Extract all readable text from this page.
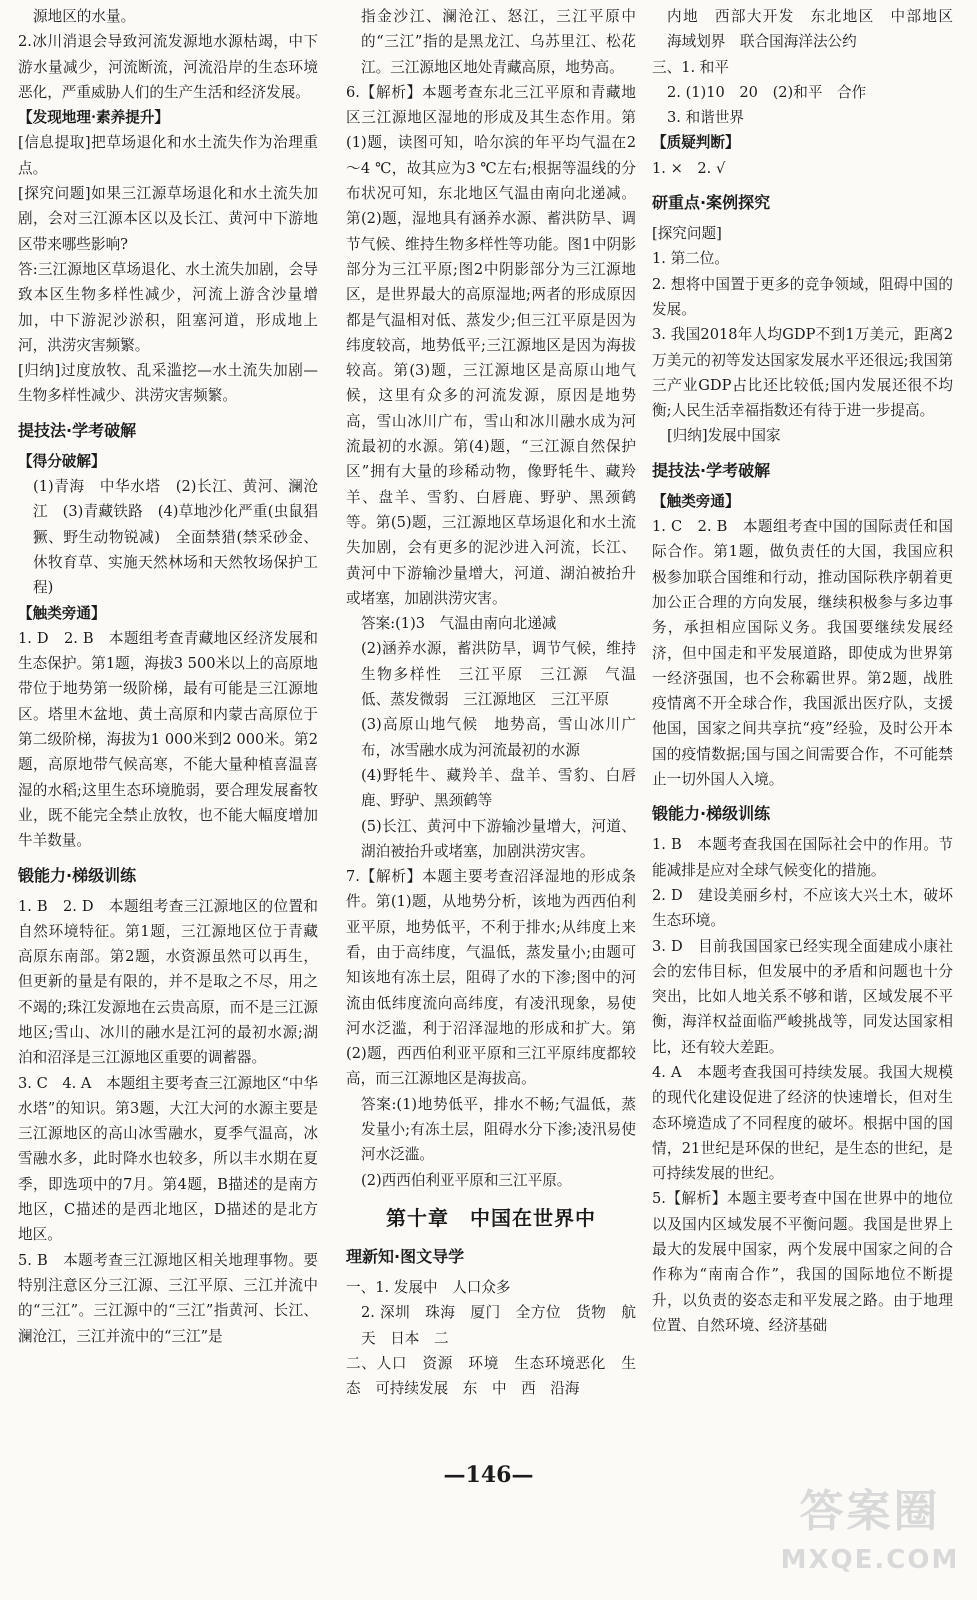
源地区的水量。
2.冰川消退会导致河流发源地水源枯竭，中下游水量减少，河流断流，河流沿岸的生态环境恶化，严重威胁人们的生产生活和经济发展。
【发现地理·素养提升】
[信息提取]把草场退化和水土流失作为治理重点。
[探究问题]如果三江源草场退化和水土流失加剧，会对三江源本区以及长江、黄河中下游地区带来哪些影响?
答:三江源地区草场退化、水土流失加剧，会导致本区生物多样性减少，河流上游含沙量增加，中下游泥沙淤积，阻塞河道，形成地上河，洪涝灾害频繁。
[归纳]过度放牧、乱采滥挖—水土流失加剧—生物多样性减少、洪涝灾害频繁。
提技法·学考破解
【得分破解】
(1)青海　中华水塔　(2)长江、黄河、澜沧江　(3)青藏铁路　(4)草地沙化严重(虫鼠猖獗、野生动物锐减)　全面禁猎(禁采砂金、休牧育草、实施天然林场和天然牧场保护工程)
【触类旁通】
1. D　2. B　本题组考查青藏地区经济发展和生态保护。第1题，海拔3 500米以上的高原地带位于地势第一级阶梯，最有可能是三江源地区。塔里木盆地、黄土高原和内蒙古高原位于第二级阶梯，海拔为1 000米到2 000米。第2题，高原地带气候高寒，不能大量种植喜温喜湿的水稻;这里生态环境脆弱，要合理发展畜牧业，既不能完全禁止放牧，也不能大幅度增加牛羊数量。
锻能力·梯级训练
1. B　2. D　本题组考查三江源地区的位置和自然环境特征。第1题，三江源地区位于青藏高原东南部。第2题，水资源虽然可以再生，但更新的量是有限的，并不是取之不尽，用之不竭的;珠江发源地在云贵高原，而不是三江源地区;雪山、冰川的融水是江河的最初水源;湖泊和沼泽是三江源地区重要的调蓄器。
3. C　4. A　本题组主要考查三江源地区“中华水塔”的知识。第3题，大江大河的水源主要是三江源地区的高山冰雪融水，夏季气温高，冰雪融水多，此时降水也较多，所以丰水期在夏季，即选项中的7月。第4题，B描述的是南方地区，C描述的是西北地区，D描述的是北方地区。
5. B　本题考查三江源地区相关地理事物。要特别注意区分三江源、三江平原、三江并流中的“三江”。三江源中的“三江”指黄河、长江、澜沧江，三江并流中的“三江”是
指金沙江、澜沧江、怒江，三江平原中的“三江”指的是黑龙江、乌苏里江、松花江。三江源地区地处青藏高原，地势高。
6.【解析】本题考查东北三江平原和青藏地区三江源地区湿地的形成及其生态作用。第(1)题，读图可知，哈尔滨的年平均气温在2～4 ℃，故其应为3 ℃左右;根据等温线的分布状况可知，东北地区气温由南向北递减。第(2)题，湿地具有涵养水源、蓄洪防旱、调节气候、维持生物多样性等功能。图1中阴影部分为三江平原;图2中阴影部分为三江源地区，是世界最大的高原湿地;两者的形成原因都是气温相对低、蒸发少;但三江平原是因为纬度较高，地势低平;三江源地区是因为海拔较高。第(3)题，三江源地区是高原山地气候，这里有众多的河流发源，原因是地势高，雪山冰川广布，雪山和冰川融水成为河流最初的水源。第(4)题，“三江源自然保护区”拥有大量的珍稀动物，像野牦牛、藏羚羊、盘羊、雪豹、白唇鹿、野驴、黑颈鹤等。第(5)题，三江源地区草场退化和水土流失加剧，会有更多的泥沙进入河流，长江、黄河中下游输沙量增大，河道、湖泊被抬升或堵塞，加剧洪涝灾害。
答案:(1)3　气温由南向北递减
(2)涵养水源，蓄洪防旱，调节气候，维持生物多样性　三江平原　三江源　气温低、蒸发微弱　三江源地区　三江平原
(3)高原山地气候　地势高，雪山冰川广布，冰雪融水成为河流最初的水源
(4)野牦牛、藏羚羊、盘羊、雪豹、白唇鹿、野驴、黑颈鹤等
(5)长江、黄河中下游输沙量增大，河道、湖泊被抬升或堵塞，加剧洪涝灾害。
7.【解析】本题主要考查沼泽湿地的形成条件。第(1)题，从地势分析，该地为西西伯利亚平原，地势低平，不利于排水;从纬度上来看，由于高纬度，气温低，蒸发量小;由题可知该地有冻土层，阻碍了水的下渗;图中的河流由低纬度流向高纬度，有凌汛现象，易使河水泛滥，利于沼泽湿地的形成和扩大。第(2)题，西西伯利亚平原和三江平原纬度都较高，而三江源地区是海拔高。
答案:(1)地势低平，排水不畅;气温低，蒸发量小;有冻土层，阻碍水分下渗;凌汛易使河水泛滥。
(2)西西伯利亚平原和三江平原。
第十章　中国在世界中
理新知·图文导学
一、1. 发展中　人口众多
2. 深圳　珠海　厦门　全方位　货物　航天　日本　二
二、人口　资源　环境　生态环境恶化　生态　可持续发展　东　中　西　沿海
内地　西部大开发　东北地区　中部地区　海域划界　联合国海洋法公约
三、1. 和平
2. (1)10　20　(2)和平　合作
3. 和谐世界
【质疑判断】
1. ×　2. √
研重点·案例探究
[探究问题]
1. 第二位。
2. 想将中国置于更多的竞争领域，阻碍中国的发展。
3. 我国2018年人均GDP不到1万美元，距离2万美元的初等发达国家发展水平还很远;我国第三产业GDP占比还比较低;国内发展还很不均衡;人民生活幸福指数还有待于进一步提高。
[归纳]发展中国家
提技法·学考破解
【触类旁通】
1. C　2. B　本题组考查中国的国际责任和国际合作。第1题，做负责任的大国，我国应积极参加联合国维和行动，推动国际秩序朝着更加公正合理的方向发展，继续积极参与多边事务，承担相应国际义务。我国要继续发展经济，但中国走和平发展道路，即使成为世界第一经济强国，也不会称霸世界。第2题，战胜疫情离不开全球合作，我国派出医疗队，支援他国，国家之间共享抗“疫”经验，及时公开本国的疫情数据;国与国之间需要合作，不可能禁止一切外国人入境。
锻能力·梯级训练
1. B　本题考查我国在国际社会中的作用。节能减排是应对全球气候变化的措施。
2. D　建设美丽乡村，不应该大兴土木，破坏生态环境。
3. D　目前我国国家已经实现全面建成小康社会的宏伟目标，但发展中的矛盾和问题也十分突出，比如人地关系不够和谐，区域发展不平衡，海洋权益面临严峻挑战等，同发达国家相比，还有较大差距。
4. A　本题考查我国可持续发展。我国大规模的现代化建设促进了经济的快速增长，但对生态环境造成了不同程度的破坏。根据中国的国情，21世纪是环保的世纪，是生态的世纪，是可持续发展的世纪。
5.【解析】本题主要考查中国在世界中的地位以及国内区域发展不平衡问题。我国是世界上最大的发展中国家，两个发展中国家之间的合作称为“南南合作”，我国的国际地位不断提升，以负责的姿态走和平发展之路。由于地理位置、自然环境、经济基础
—146—
答案圈
MXQE.COM
